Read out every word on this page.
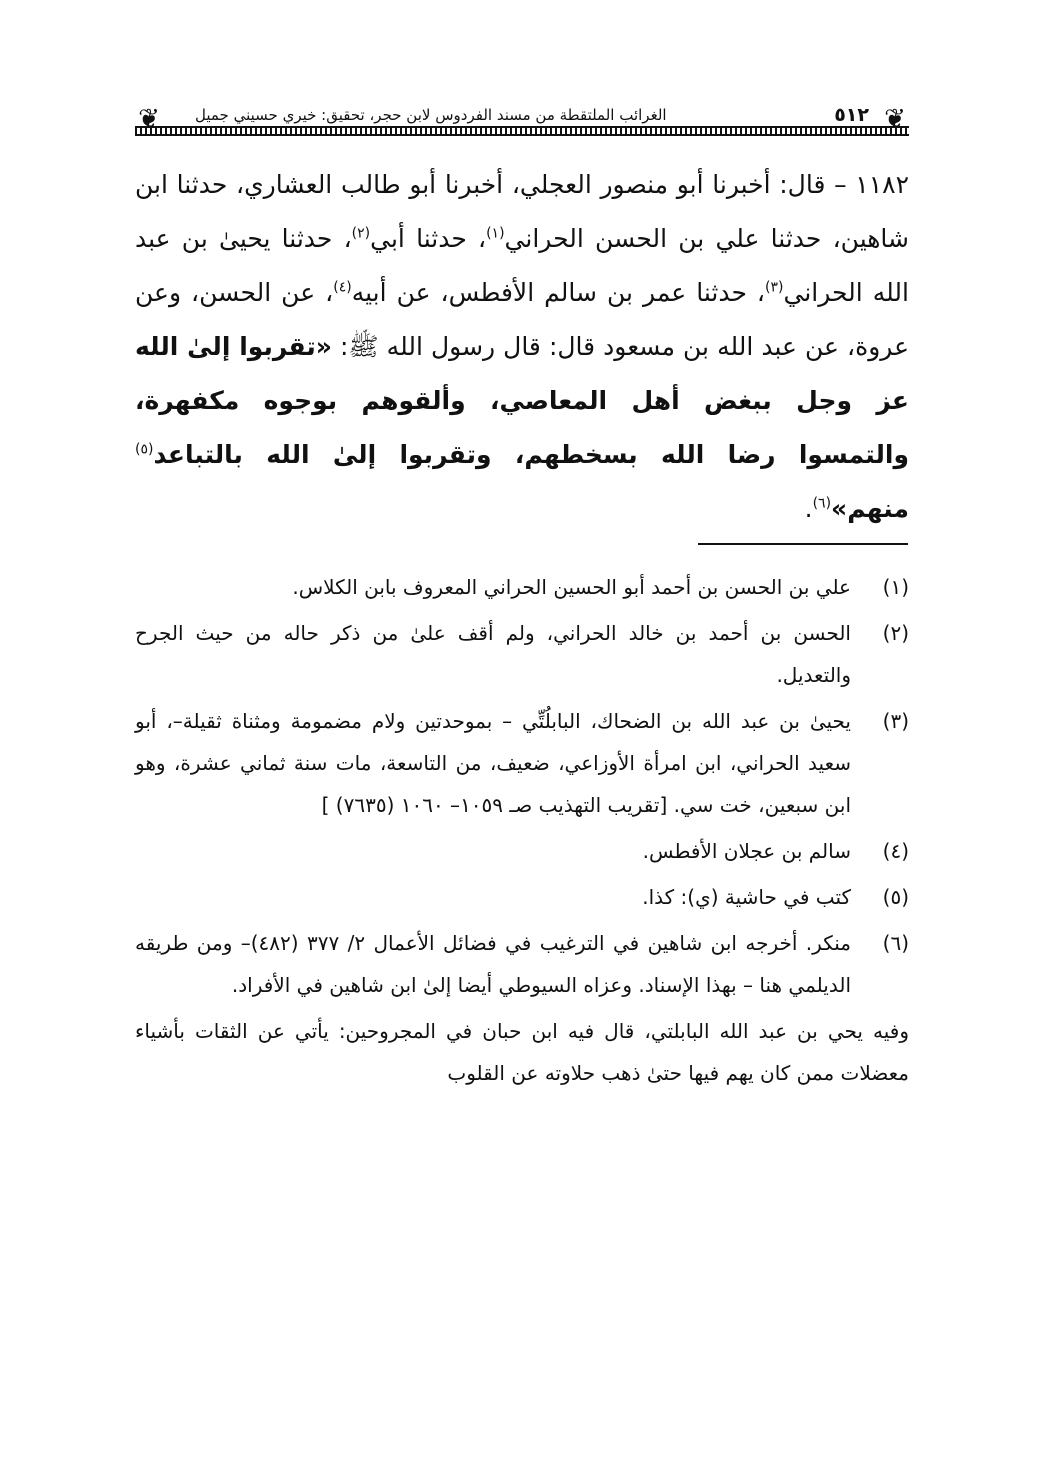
❦
٥١٢
الغرائب الملتقطة من مسند الفردوس لابن حجر، تحقيق: خيري حسيني جميل
❦

١١٨٢ – قال: أخبرنا أبو منصور العجلي، أخبرنا أبو طالب العشاري، حدثنا ابن شاهين، حدثنا علي بن الحسن الحراني$^{(١)}$، حدثنا أبي$^{(٢)}$، حدثنا يحيىٰ بن عبد الله الحراني$^{(٣)}$، حدثنا عمر بن سالم الأفطس، عن أبيه$^{(٤)}$، عن الحسن، وعن عروة، عن عبد الله بن مسعود قال: قال رسول الله ﷺ: «تقربوا إلىٰ الله عز وجل ببغض أهل المعاصي، وألقوهم بوجوه مكفهرة، والتمسوا رضا الله بسخطهم، وتقربوا إلىٰ الله بالتباعد$^{(٥)}$ منهم»$^{(٦)}$.

(١)
علي بن الحسن بن أحمد أبو الحسين الحراني المعروف بابن الكلاس.
(٢)
الحسن بن أحمد بن خالد الحراني، ولم أقف علىٰ من ذكر حاله من حيث الجرح والتعديل.
(٣)
يحيىٰ بن عبد الله بن الضحاك، البابلُتِّي – بموحدتين ولام مضمومة ومثناة ثقيلة–، أبو سعيد الحراني، ابن امرأة الأوزاعي، ضعيف، من التاسعة، مات سنة ثماني عشرة، وهو ابن سبعين، خت سي. [تقريب التهذيب صـ ١٠٥٩– ١٠٦٠ (٧٦٣٥) ]
(٤)
سالم بن عجلان الأفطس.
(٥)
كتب في حاشية (ي): كذا.
(٦)
منكر. أخرجه ابن شاهين في الترغيب في فضائل الأعمال ٢/ ٣٧٧ (٤٨٢)– ومن طريقه الديلمي هنا – بهذا الإسناد. وعزاه السيوطي أيضا إلىٰ ابن شاهين في الأفراد.
وفيه يحي بن عبد الله البابلتي، قال فيه ابن حبان في المجروحين: يأتي عن الثقات بأشياء معضلات ممن كان يهم فيها حتىٰ ذهب حلاوته عن القلوب
